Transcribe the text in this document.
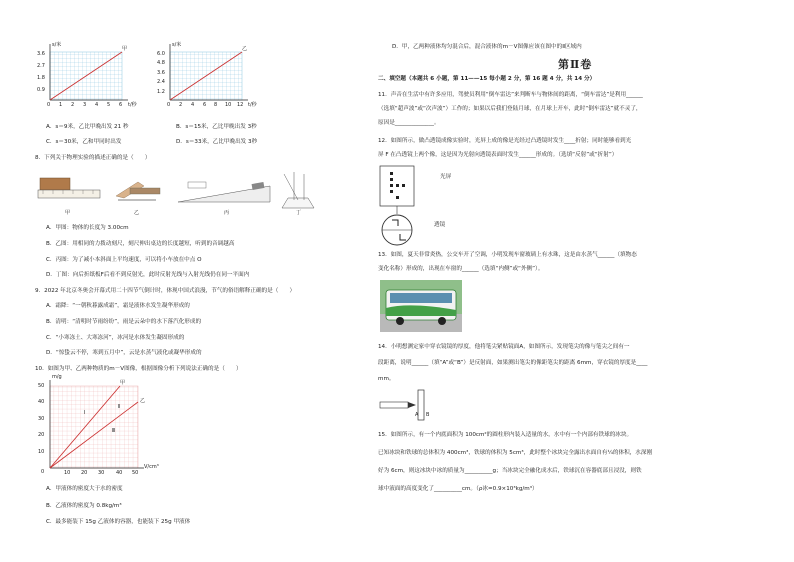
s/米
甲
3.6
2.7
1.8
0.9
0 1 2 3 4 5 6 t/秒
s/米
乙
6.0
4.8
3.6
2.4
1.2
0 2 4 6 8 10 12 t/秒
A．s＝9米，乙比甲晚出发 21 秒	B．s＝15米，乙比甲晚出发 3秒
C．s＝30米，乙和甲同时出发	D．s＝33米，乙比甲晚出发 3秒
8．下列关于物理实验的描述正确的是（　　）
甲	乙	丙	丁
A．甲图：物体的长度为 3.00cm
B．乙图：用相同的力拨动刻尺，刻尺伸出桌边的长度越短，听到的音调越高
C．丙图：为了减小本斜面上平均速度，可以将小车放在中点 O
D．丁图：向后折纸板F后看不到反射光，此时反射光线与入射光线仍在同一平面内
9．2022 年北京冬奥会开幕式用二十四节气倒计时，体现中国式浪漫，节气的俗语解释正确的是（　　）
A．霜降：“一朝秋暮露成霜”，霜是液体水发生凝华形成的
B．清明：“清明时节雨纷纷”，雨是云朵中的水下落汽化形成的
C．“小寒冻土、大寒冻河”，冰河是水体发生凝固形成的
D．“惊蛰云不停，寒到五月中”，云是水蒸气液化或凝华形成的
10．如图为甲、乙两种物质的m－V图像，根据图像分析下列说法正确的是（　　）
m/g
甲
乙
Ⅰ
Ⅱ
Ⅲ
50
40
30
20
10
0	10 20 30 40 50
V/cm³
A．甲液体的密度大于水的密度
B．乙液体的密度为 0.8kg/m³
C．最多能装下 15g 乙液体的容器，也能装下 25g 甲液体
D．甲，乙两种液体均匀混合后，混合液体的m－V图像应该在图中的Ⅱ区域内
第Ⅱ卷
二、填空题（本题共 6 小题，第 11——15 每小题 2 分，第 16 题 4 分，共 14 分）
11．声音在生活中有许多应用，驾驶员利用“倒车雷达”来判断车与物体间的距离，“倒车雷达”是利用______
（选填“超声波”或“次声波”）工作的；如果以后我们登陆月球，在月球上开车，此时“倒车雷达”就不灵了，
原因是______________。
12．如图所示，做凸透镜成像实验时，光屏上成的像是光经过凸透镜时发生____折射；同时能够看到光
屏 F 在凸透镜上两个像，这是因为光射向透镜表面时发生______形成的。（选填“反射”或“折射”）
光屏
透镜
13．如图，夏天非常炎热，公交车开了空调，小明发现车窗玻璃上有水珠，这是由水蒸气______（填物态
变化名称）形成的，出现在车窗的______（选填“内侧”或“外侧”）。
14．小明想测定家中穿衣镜镜的厚度，他将笔尖紧贴镜面A，如图所示，发现笔尖的像与笔尖之间有一
段距离，说明______（填“A”或“B”）是反射面，如果测出笔尖的像距笔尖的距离 6mm，穿衣镜的厚度是____
mm。
A B
15．如图所示，有一个内底面积为 100cm²的圆柱形内装入适量的水，水中有一个内部有铁球的冰块。
已知冰块和铁球的总体积为 400cm³，铁球的体积为 5cm³，此时整个冰块完全露出水面自有¼的体积，水深刚
好为 6cm，则这冰块中冰的质量为__________g；当冰块完全融化成水后，铁球沉在容器底部且浸没，则铁
球中液面的高度变化了__________cm。（ρ冰=0.9×10³kg/m³）
